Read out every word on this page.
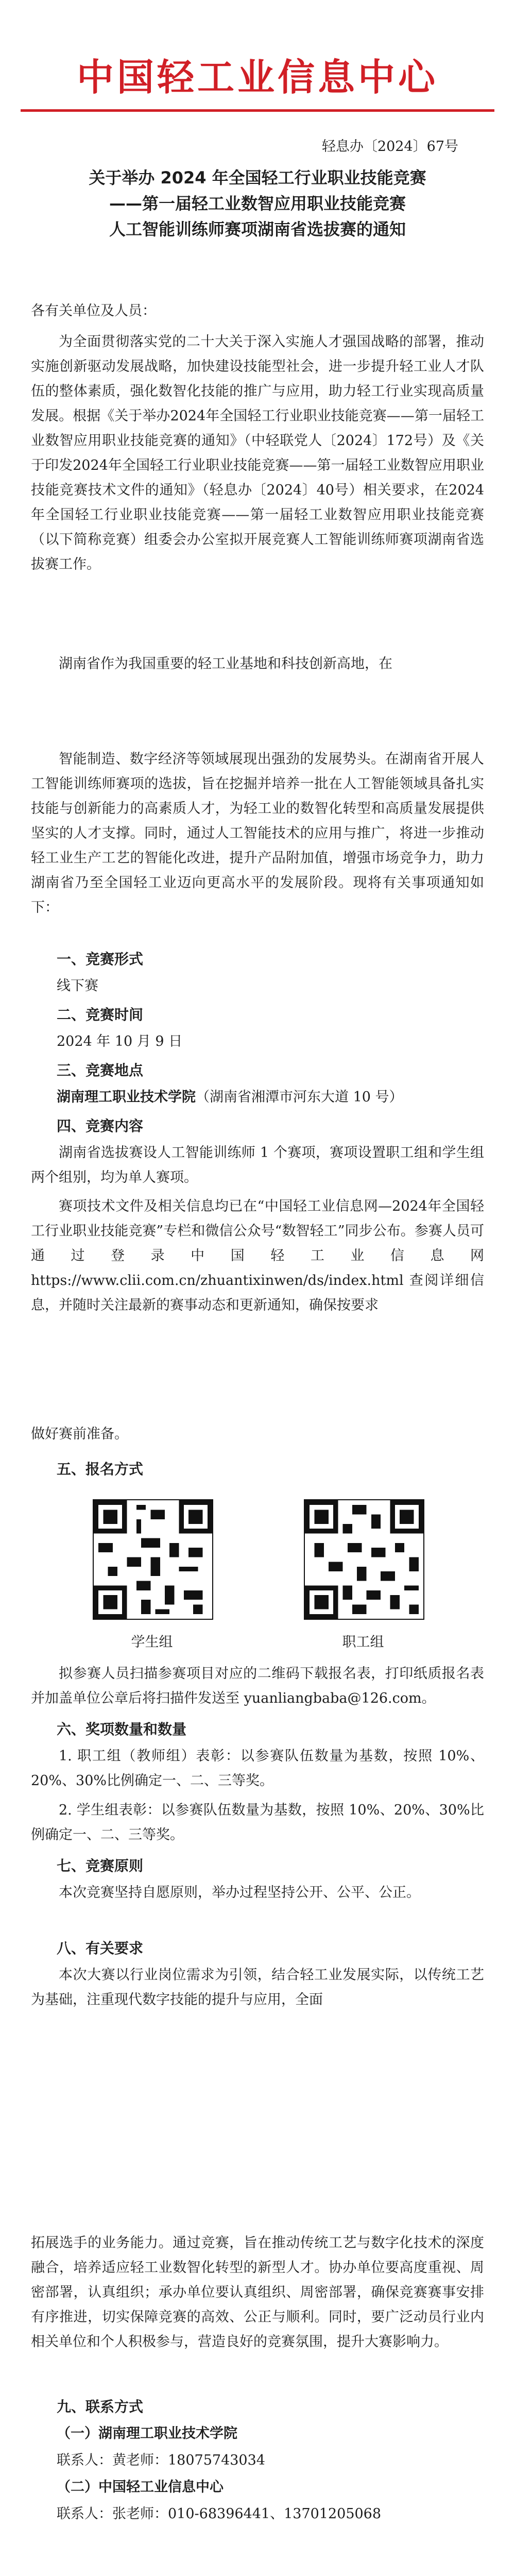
中国轻工业信息中心
轻息办〔2024〕67号
关于举办 2024 年全国轻工行业职业技能竞赛
——第一届轻工业数智应用职业技能竞赛
人工智能训练师赛项湖南省选拔赛的通知

各有关单位及人员：

为全面贯彻落实党的二十大关于深入实施人才强国战略的部署，推动实施创新驱动发展战略，加快建设技能型社会，进一步提升轻工业人才队伍的整体素质，强化数智化技能的推广与应用，助力轻工行业实现高质量发展。根据《关于举办2024年全国轻工行业职业技能竞赛——第一届轻工业数智应用职业技能竞赛的通知》（中轻联党人〔2024〕172号）及《关于印发2024年全国轻工行业职业技能竞赛——第一届轻工业数智应用职业技能竞赛技术文件的通知》（轻息办〔2024〕40号）相关要求，在2024年全国轻工行业职业技能竞赛——第一届轻工业数智应用职业技能竞赛（以下简称竞赛）组委会办公室拟开展竞赛人工智能训练师赛项湖南省选拔赛工作。

湖南省作为我国重要的轻工业基地和科技创新高地，在

智能制造、数字经济等领域展现出强劲的发展势头。在湖南省开展人工智能训练师赛项的选拔，旨在挖掘并培养一批在人工智能领域具备扎实技能与创新能力的高素质人才，为轻工业的数智化转型和高质量发展提供坚实的人才支撑。同时，通过人工智能技术的应用与推广，将进一步推动轻工业生产工艺的智能化改进，提升产品附加值，增强市场竞争力，助力湖南省乃至全国轻工业迈向更高水平的发展阶段。现将有关事项通知如下：

一、竞赛形式
线下赛
二、竞赛时间
2024 年 10 月 9 日
三、竞赛地点
湖南理工职业技术学院（湖南省湘潭市河东大道 10 号）
四、竞赛内容

湖南省选拔赛设人工智能训练师 1 个赛项，赛项设置职工组和学生组两个组别，均为单人赛项。

赛项技术文件及相关信息均已在“中国轻工业信息网—2024年全国轻工行业职业技能竞赛”专栏和微信公众号“数智轻工”同步公布。参赛人员可通过登录中国轻工业信息网https://www.clii.com.cn/zhuantixinwen/ds/index.html 查阅详细信息，并随时关注最新的赛事动态和更新通知，确保按要求

做好赛前准备。

五、报名方式
学生组	职工组

拟参赛人员扫描参赛项目对应的二维码下载报名表，打印纸质报名表并加盖单位公章后将扫描件发送至 yuanliangbaba@126.com。

六、奖项数量和数量

1. 职工组（教师组）表彰：以参赛队伍数量为基数，按照 10%、20%、30%比例确定一、二、三等奖。

2. 学生组表彰：以参赛队伍数量为基数，按照 10%、20%、30%比例确定一、二、三等奖。

七、竞赛原则

本次竞赛坚持自愿原则，举办过程坚持公开、公平、公正。

八、有关要求

本次大赛以行业岗位需求为引领，结合轻工业发展实际，以传统工艺为基础，注重现代数字技能的提升与应用，全面

拓展选手的业务能力。通过竞赛，旨在推动传统工艺与数字化技术的深度融合，培养适应轻工业数智化转型的新型人才。协办单位要高度重视、周密部署，认真组织；承办单位要认真组织、周密部署，确保竞赛赛事安排有序推进，切实保障竞赛的高效、公正与顺利。同时，要广泛动员行业内相关单位和个人积极参与，营造良好的竞赛氛围，提升大赛影响力。

九、联系方式
（一）湖南理工职业技术学院
联系人：黄老师：18075743034
（二）中国轻工业信息中心
联系人：张老师：010-68396441、13701205068
